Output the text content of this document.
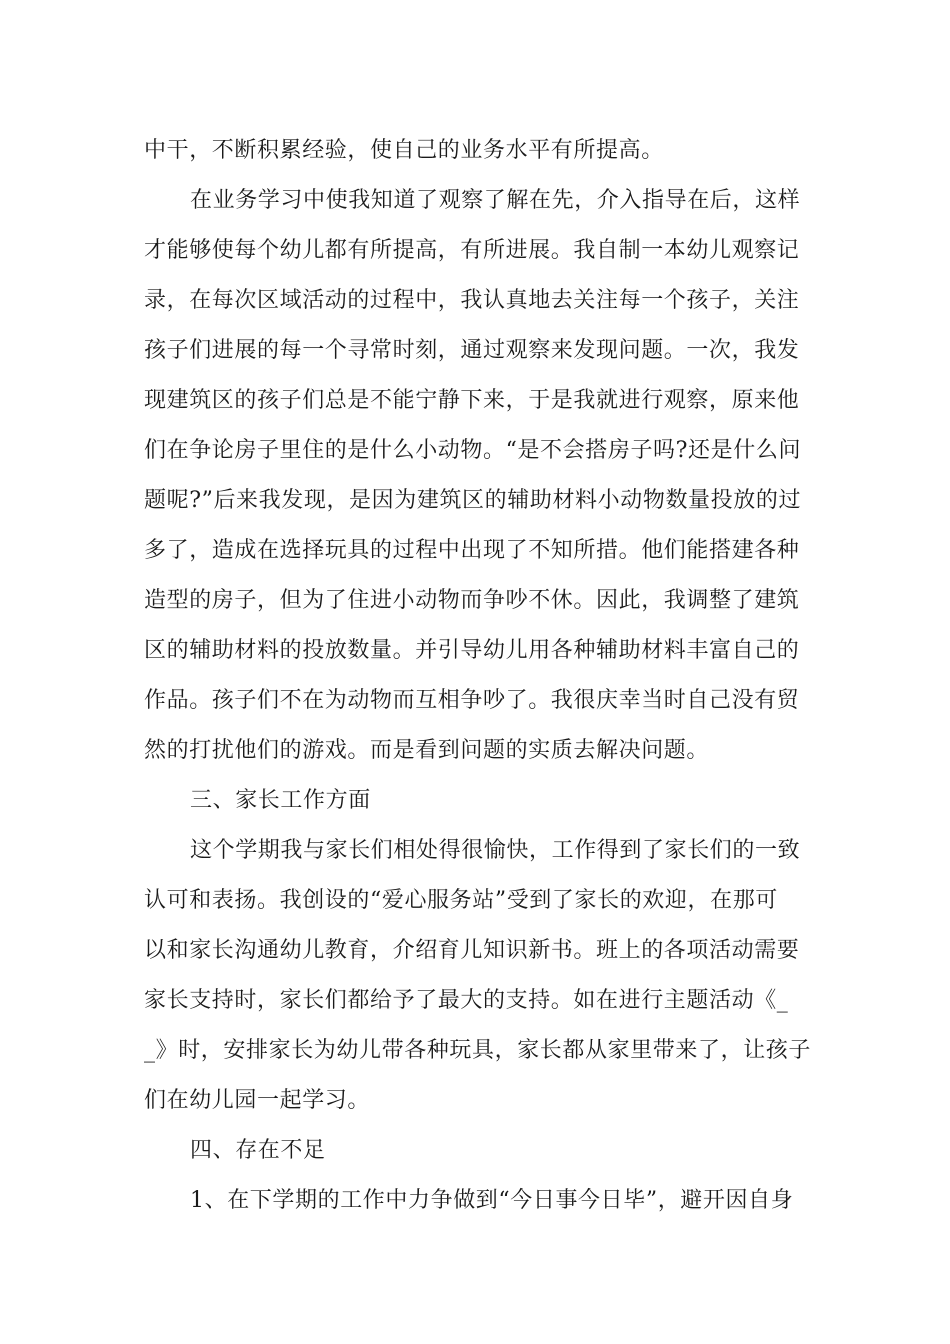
中干，不断积累经验，使自己的业务水平有所提高。
在业务学习中使我知道了观察了解在先，介入指导在后，这样
才能够使每个幼儿都有所提高，有所进展。我自制一本幼儿观察记
录，在每次区域活动的过程中，我认真地去关注每一个孩子，关注
孩子们进展的每一个寻常时刻，通过观察来发现问题。一次，我发
现建筑区的孩子们总是不能宁静下来，于是我就进行观察，原来他
们在争论房子里住的是什么小动物。“是不会搭房子吗?还是什么问
题呢?”后来我发现，是因为建筑区的辅助材料小动物数量投放的过
多了，造成在选择玩具的过程中出现了不知所措。他们能搭建各种
造型的房子，但为了住进小动物而争吵不休。因此，我调整了建筑
区的辅助材料的投放数量。并引导幼儿用各种辅助材料丰富自己的
作品。孩子们不在为动物而互相争吵了。我很庆幸当时自己没有贸
然的打扰他们的游戏。而是看到问题的实质去解决问题。
三、家长工作方面
这个学期我与家长们相处得很愉快，工作得到了家长们的一致
认可和表扬。我创设的“爱心服务站”受到了家长的欢迎，在那可
以和家长沟通幼儿教育，介绍育儿知识新书。班上的各项活动需要
家长支持时，家长们都给予了最大的支持。如在进行主题活动《_
_》时，安排家长为幼儿带各种玩具，家长都从家里带来了，让孩子
们在幼儿园一起学习。
四、存在不足
1、在下学期的工作中力争做到“今日事今日毕”，避开因自身
